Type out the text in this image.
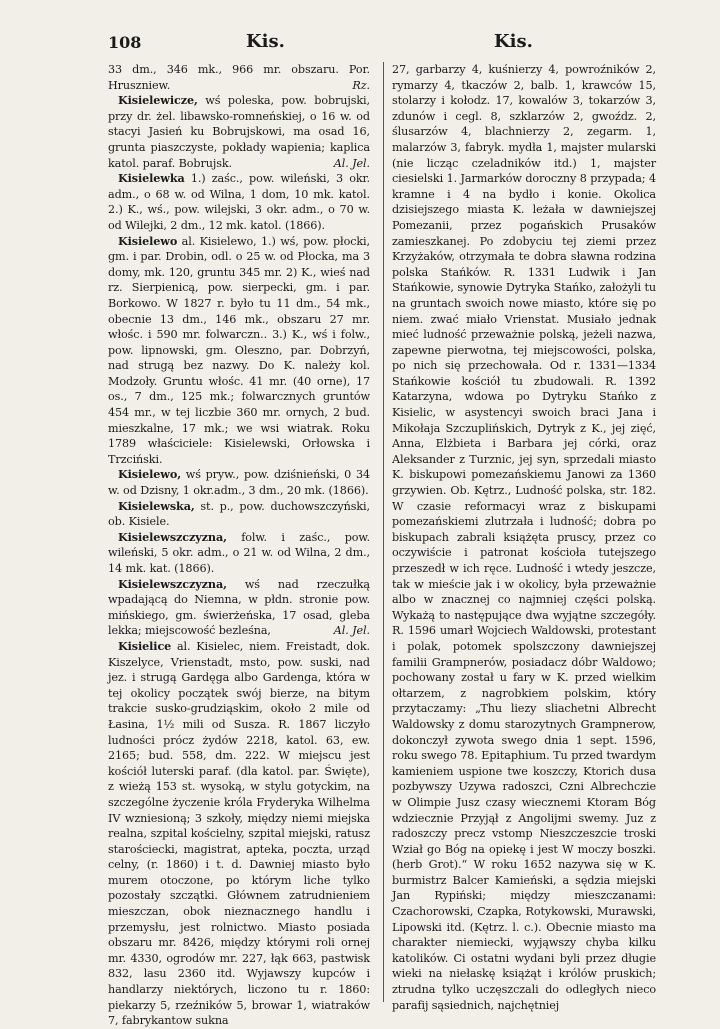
108	Kis.	Kis.

33 dm., 346 mk., 966 mr. obszaru. Por. Hruszniew.	Rz.

Kisielewicze, wś poleska, pow. bobrujski, przy dr. żel. libawsko-romneńskiej, o 16 w. od stacyi Jasień ku Bobrujskowi, ma osad 16, grunta piaszczyste, pokłady wapienia; kaplica katol. paraf. Bobrujsk.	Al. Jel.

Kisielewka 1.) zaśc., pow. wileński, 3 okr. adm., o 68 w. od Wilna, 1 dom, 10 mk. katol. 2.) K., wś., pow. wilejski, 3 okr. adm., o 70 w. od Wilejki, 2 dm., 12 mk. katol. (1866).

Kisielewo al. Kisielewo, 1.) wś, pow. płocki, gm. i par. Drobin, odl. o 25 w. od Płocka, ma 3 domy, mk. 120, gruntu 345 mr. 2) K., wieś nad rz. Sierpienicą, pow. sierpecki, gm. i par. Borkowo. W 1827 r. było tu 11 dm., 54 mk., obecnie 13 dm., 146 mk., obszaru 27 mr. włośc. i 590 mr. folwarczn.. 3.) K., wś i folw., pow. lipnowski, gm. Oleszno, par. Dobrzyń, nad strugą bez nazwy. Do K. należy kol. Modzoły. Gruntu włośc. 41 mr. (40 orne), 17 os., 7 dm., 125 mk.; folwarcznych gruntów 454 mr., w tej liczbie 360 mr. ornych, 2 bud. mieszkalne, 17 mk.; we wsi wiatrak. Roku 1789 właściciele: Kisielewski, Orłowska i Trzciński.

Kisielewo, wś pryw., pow. dziśnieński, 0 34 w. od Dzisny, 1 okr.adm., 3 dm., 20 mk. (1866).

Kisielewska, st. p., pow. duchowszczyński, ob. Kisiele.

Kisielewszczyzna, folw. i zaśc., pow. wileński, 5 okr. adm., o 21 w. od Wilna, 2 dm., 14 mk. kat. (1866).

Kisielewszczyzna, wś nad rzeczułką wpadającą do Niemna, w płdn. stronie pow. mińskiego, gm. świerżeńska, 17 osad, gleba lekka; miejscowość bezleśna,	Al. Jel.

Kisielice al. Kisielec, niem. Freistadt, dok. Kiszelyce, Vrienstadt, msto, pow. suski, nad jez. i strugą Gardęga albo Gardenga, która w tej okolicy początek swój bierze, na bitym trakcie susko-grudziąskim, około 2 mile od Łasina, 1½ mili od Susza. R. 1867 liczyło ludności prócz żydów 2218, katol. 63, ew. 2165; bud. 558, dm. 222. W miejscu jest kościół luterski paraf. (dla katol. par. Święte), z wieżą 153 st. wysoką, w stylu gotyckim, na szczególne życzenie króla Fryderyka Wilhelma IV wzniesioną; 3 szkoły, między niemi miejska realna, szpital kościelny, szpital miejski, ratusz starościecki, magistrat, apteka, poczta, urząd celny, (r. 1860) i t. d. Dawniej miasto było murem otoczone, po którym liche tylko pozostały szczątki. Głównem zatrudnieniem mieszczan, obok nieznacznego handlu i przemysłu, jest rolnictwo. Miasto posiada obszaru mr. 8426, między którymi roli ornej mr. 4330, ogrodów mr. 227, łąk 663, pastwisk 832, lasu 2360 itd. Wyjawszy kupców i handlarzy niektórych, liczono tu r. 1860: piekarzy 5, rzeźników 5, browar 1, wiatraków 7, fabrykantow sukna

27, garbarzy 4, kuśnierzy 4, powroźników 2, rymarzy 4, tkaczów 2, balb. 1, krawców 15, stolarzy i kołodz. 17, kowalów 3, tokarzów 3, zdunów i cegl. 8, szklarzów 2, gwoźdz. 2, ślusarzów 4, blachnierzy 2, zegarm. 1, malarzów 3, fabryk. mydła 1, majster mularski (nie licząc czeladników itd.) 1, majster ciesielski 1. Jarmarków doroczny 8 przypada; 4 kramne i 4 na bydło i konie. Okolica dzisiejszego miasta K. leżała w dawniejszej Pomezanii, przez pogańskich Prusaków zamieszkanej. Po zdobyciu tej ziemi przez Krzyżaków, otrzymała te dobra sławna rodzina polska Stańków. R. 1331 Ludwik i Jan Stańkowie, synowie Dytryka Stańko, założyli tu na gruntach swoich nowe miasto, które się po niem. zwać miało Vrienstat. Musiało jednak mieć ludność przeważnie polską, jeżeli nazwa, zapewne pierwotna, tej miejscowości, polska, po nich się przechowała. Od r. 1331—1334 Stańkowie kościół tu zbudowali. R. 1392 Katarzyna, wdowa po Dytryku Stańko z Kisielic, w asystencyi swoich braci Jana i Mikołaja Szczuplińskich, Dytryk z K., jej zięć, Anna, Elżbieta i Barbara jej córki, oraz Aleksander z Turznic, jej syn, sprzedali miasto K. biskupowi pomezańskiemu Janowi za 1360 grzywien. Ob. Kętrz., Ludność polska, str. 182. W czasie reformacyi wraz z biskupami pomezańskiemi zlutrzała i ludność; dobra po biskupach zabrali książęta pruscy, przez co oczywiście i patronat kościoła tutejszego przeszedł w ich ręce. Ludność i wtedy jeszcze, tak w mieście jak i w okolicy, była przeważnie albo w znacznej co najmniej części polską. Wykażą to następujące dwa wyjątne szczegóły. R. 1596 umarł Wojciech Waldowski, protestant i polak, potomek spolszczony dawniejszej familii Grampnerów, posiadacz dóbr Waldowo; pochowany został u fary w K. przed wielkim ołtarzem, z nagrobkiem polskim, który przytaczamy: „Thu liezy sliachetni Albrecht Waldowsky z domu starozytnych Grampnerow, dokonczył zywota swego dnia 1 sept. 1596, roku swego 78. Epitaphium. Tu przed twardym kamieniem uspione twe koszczy, Ktorich dusa pozbywszy Uzywa radoszci, Czni Albrechczie w Olimpie Jusz czasy wiecznemi Ktoram Bóg wdziecznie Przyjął z Angolijmi swemy. Juz z radoszczy precz vstomp Nieszczeszcie troski Wział go Bóg na opiekę i jest W moczy boszki. (herb Grot).“ W roku 1652 nazywa się w K. burmistrz Balcer Kamieński, a sędzia miejski Jan Rypiński; między mieszczanami: Czachorowski, Czapka, Rotykowski, Murawski, Lipowski itd. (Kętrz. l. c.). Obecnie miasto ma charakter niemiecki, wyjąwszy chyba kilku katolików. Ci ostatni wydani byli przez długie wieki na niełaskę książąt i królów pruskich; ztrudna tylko uczęszczali do odległych nieco parafij sąsiednich, najchętniej
